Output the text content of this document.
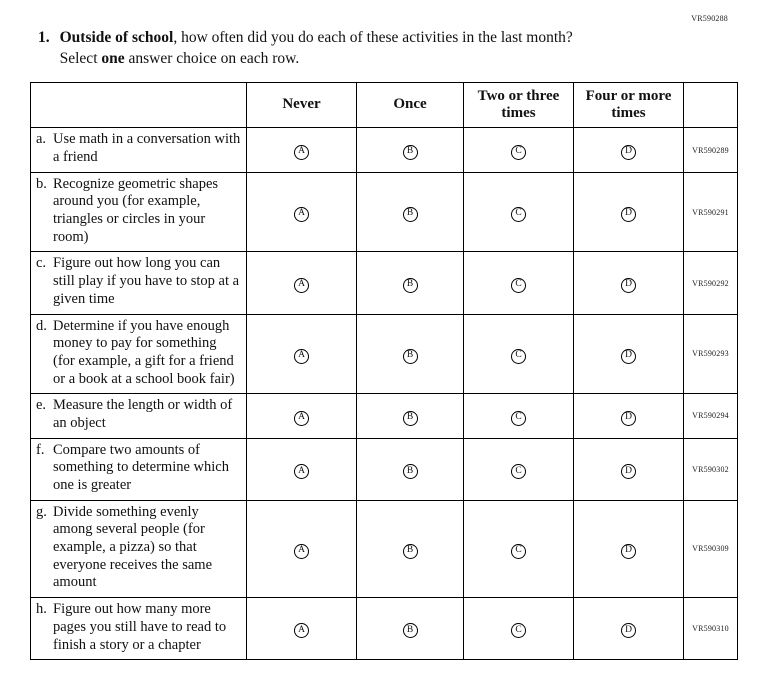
VR590288
1. Outside of school, how often did you do each of these activities in the last month?
Select one answer choice on each row.
	Never	Once	Two or three times	Four or more times	

a. Use math in a conversation with a friend	A	B	C	D	VR590289

b. Recognize geometric shapes around you (for example, triangles or circles in your room)	A	B	C	D	VR590291

c. Figure out how long you can still play if you have to stop at a given time	A	B	C	D	VR590292

d. Determine if you have enough money to pay for something (for example, a gift for a friend or a book at a school book fair)	A	B	C	D	VR590293

e. Measure the length or width of an object	A	B	C	D	VR590294

f. Compare two amounts of something to determine which one is greater	A	B	C	D	VR590302

g. Divide something evenly among several people (for example, a pizza) so that everyone receives the same amount	A	B	C	D	VR590309

h. Figure out how many more pages you still have to read to finish a story or a chapter	A	B	C	D	VR590310
